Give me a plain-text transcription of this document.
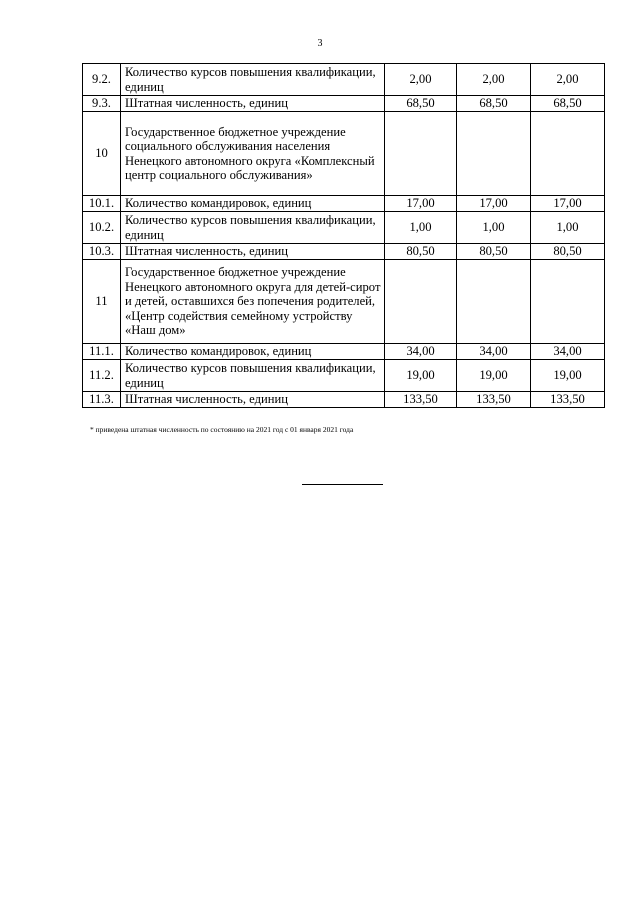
3
9.2.	Количество курсов повышения квалификации, единиц	2,00	2,00	2,00
9.3.	Штатная численность, единиц	68,50	68,50	68,50
10	Государственное бюджетное учреждение социального обслуживания населения Ненецкого автономного округа «Комплексный центр социального обслуживания»			
10.1.	Количество командировок, единиц	17,00	17,00	17,00
10.2.	Количество курсов повышения квалификации, единиц	1,00	1,00	1,00
10.3.	Штатная численность, единиц	80,50	80,50	80,50
11	Государственное бюджетное учреждение Ненецкого автономного округа для детей-сирот и детей, оставшихся без попечения родителей, «Центр содействия семейному устройству «Наш дом»			
11.1.	Количество командировок, единиц	34,00	34,00	34,00
11.2.	Количество курсов повышения квалификации, единиц	19,00	19,00	19,00
11.3.	Штатная численность, единиц	133,50	133,50	133,50
* приведена штатная численность по состоянию на 2021 год с 01 января 2021 года
